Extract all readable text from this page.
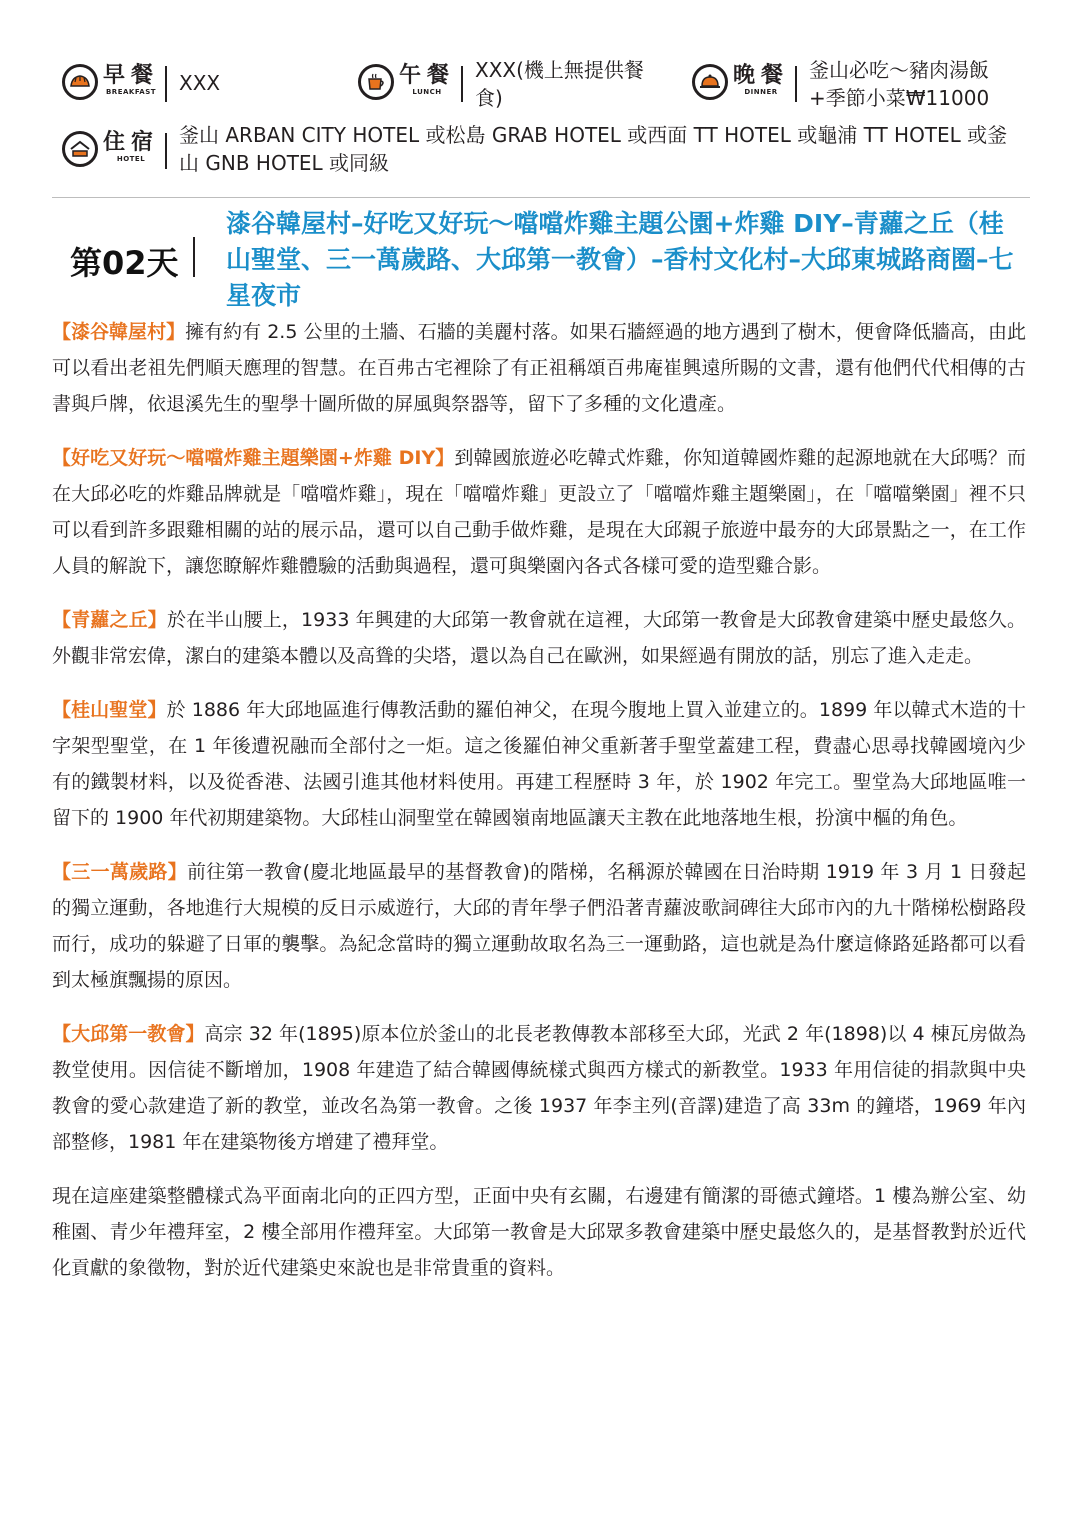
早餐
BREAKFAST XXX	午餐
LUNCH
XXX(機上無提供餐食)
晚餐
DINNER
釜山必吃～豬肉湯飯+季節小菜₩11000
住宿
HOTEL
釜山 ARBAN CITY HOTEL 或松島 GRAB HOTEL 或西面 TT HOTEL 或龜浦 TT HOTEL 或釜山 GNB HOTEL 或同級
第02天
漆谷韓屋村–好吃又好玩～噹噹炸雞主題公園+炸雞 DIY–青蘿之丘（桂山聖堂、三一萬歲路、大邱第一教會）–香村文化村–大邱東城路商圈–七星夜市

【漆谷韓屋村】擁有約有 2.5 公里的土牆、石牆的美麗村落。如果石牆經過的地方遇到了樹木，便會降低牆高，由此可以看出老祖先們順天應理的智慧。在百弗古宅裡除了有正祖稱頌百弗庵崔興遠所賜的文書，還有他們代代相傳的古書與戶牌，依退溪先生的聖學十圖所做的屏風與祭器等，留下了多種的文化遺產。

【好吃又好玩～噹噹炸雞主題樂園+炸雞 DIY】到韓國旅遊必吃韓式炸雞，你知道韓國炸雞的起源地就在大邱嗎？而在大邱必吃的炸雞品牌就是「噹噹炸雞」，現在「噹噹炸雞」更設立了「噹噹炸雞主題樂園」，在「噹噹樂園」裡不只可以看到許多跟雞相關的站的展示品，還可以自己動手做炸雞，是現在大邱親子旅遊中最夯的大邱景點之一，在工作人員的解說下，讓您瞭解炸雞體驗的活動與過程，還可與樂園內各式各樣可愛的造型雞合影。

【青蘿之丘】於在半山腰上，1933 年興建的大邱第一教會就在這裡，大邱第一教會是大邱教會建築中歷史最悠久。外觀非常宏偉，潔白的建築本體以及高聳的尖塔，還以為自己在歐洲，如果經過有開放的話，別忘了進入走走。

【桂山聖堂】於 1886 年大邱地區進行傳教活動的羅伯神父，在現今腹地上買入並建立的。1899 年以韓式木造的十字架型聖堂，在 1 年後遭祝融而全部付之一炬。這之後羅伯神父重新著手聖堂蓋建工程，費盡心思尋找韓國境內少有的鐵製材料，以及從香港、法國引進其他材料使用。再建工程歷時 3 年，於 1902 年完工。聖堂為大邱地區唯一留下的 1900 年代初期建築物。大邱桂山洞聖堂在韓國嶺南地區讓天主教在此地落地生根，扮演中樞的角色。

【三一萬歲路】前往第一教會(慶北地區最早的基督教會)的階梯，名稱源於韓國在日治時期 1919 年 3 月 1 日發起的獨立運動，各地進行大規模的反日示威遊行，大邱的青年學子們沿著青蘿波歌詞碑往大邱市內的九十階梯松樹路段而行，成功的躲避了日軍的襲擊。為紀念當時的獨立運動故取名為三一運動路，這也就是為什麼這條路延路都可以看到太極旗飄揚的原因。

【大邱第一教會】高宗 32 年(1895)原本位於釜山的北長老教傳教本部移至大邱，光武 2 年(1898)以 4 棟瓦房做為教堂使用。因信徒不斷增加，1908 年建造了結合韓國傳統樣式與西方樣式的新教堂。1933 年用信徒的捐款與中央教會的愛心款建造了新的教堂，並改名為第一教會。之後 1937 年李主列(音譯)建造了高 33m 的鐘塔，1969 年內部整修，1981 年在建築物後方增建了禮拜堂。

現在這座建築整體樣式為平面南北向的正四方型，正面中央有玄關，右邊建有簡潔的哥德式鐘塔。1 樓為辦公室、幼稚園、青少年禮拜室，2 樓全部用作禮拜室。大邱第一教會是大邱眾多教會建築中歷史最悠久的，是基督教對於近代化貢獻的象徵物，對於近代建築史來說也是非常貴重的資料。
